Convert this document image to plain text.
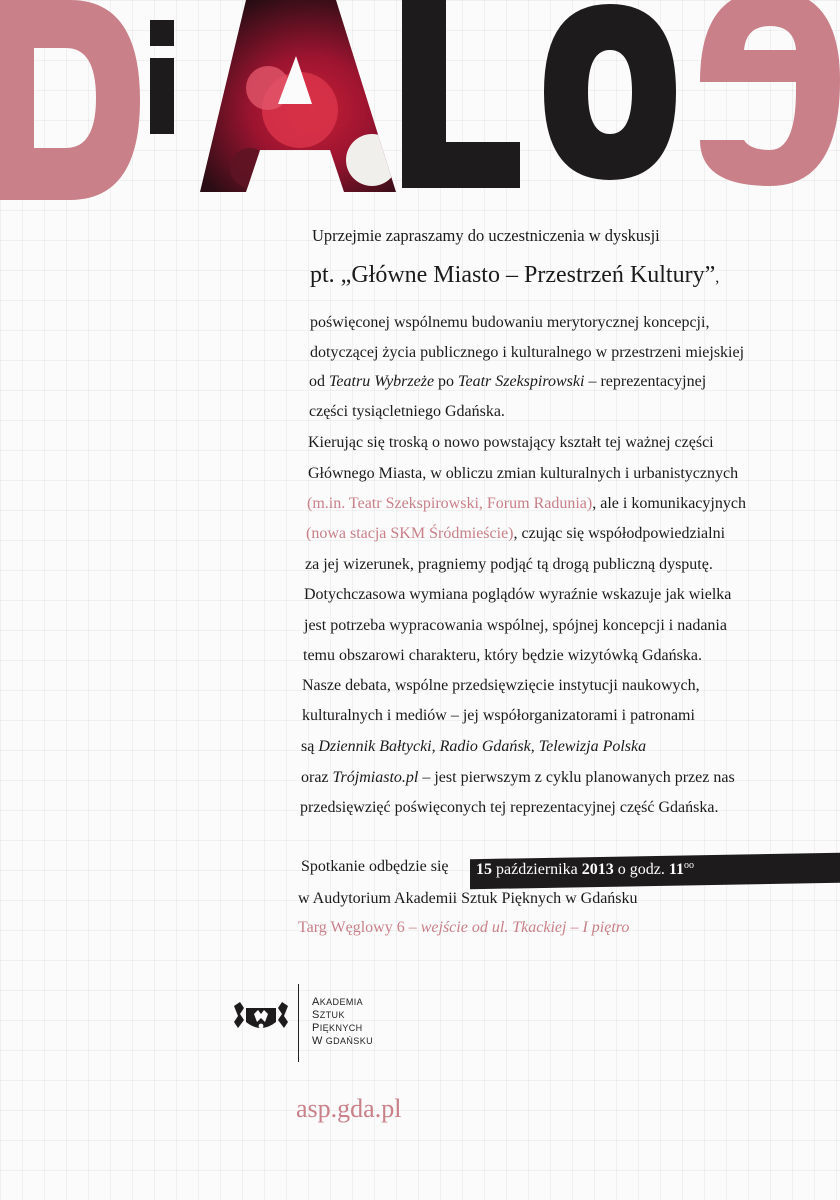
Uprzejmie zapraszamy do uczestniczenia w dyskusji
pt. „Główne Miasto – Przestrzeń Kultury”,
poświęconej wspólnemu budowaniu merytorycznej koncepcji,
dotyczącej życia publicznego i kulturalnego w przestrzeni miejskiej
od Teatru Wybrzeże po Teatr Szekspirowski – reprezentacyjnej
części tysiącletniego Gdańska.
Kierując się troską o nowo powstający kształt tej ważnej części
Głównego Miasta, w obliczu zmian kulturalnych i urbanistycznych
(m.in. Teatr Szekspirowski, Forum Radunia), ale i komunikacyjnych
(nowa stacja SKM Śródmieście), czując się współodpowiedzialni
za jej wizerunek, pragniemy podjąć tą drogą publiczną dysputę.
Dotychczasowa wymiana poglądów wyraźnie wskazuje jak wielka
jest potrzeba wypracowania wspólnej, spójnej koncepcji i nadania
temu obszarowi charakteru, który będzie wizytówką Gdańska.
Nasze debata, wspólne przedsięwzięcie instytucji naukowych,
kulturalnych i mediów – jej współorganizatorami i patronami
są Dziennik Bałtycki, Radio Gdańsk, Telewizja Polska
oraz Trójmiasto.pl – jest pierwszym z cyklu planowanych przez nas
przedsięwzięć poświęconych tej reprezentacyjnej część Gdańska.
Spotkanie odbędzie się 15 października 2013 o godz. $11^{oo}$
w Audytorium Akademii Sztuk Pięknych w Gdańsku
Targ Węglowy 6 – wejście od ul. Tkackiej – I piętro
AKADEMIA
SZTUK
PIĘKNYCH
W GDAŃSKU
asp.gda.pl
